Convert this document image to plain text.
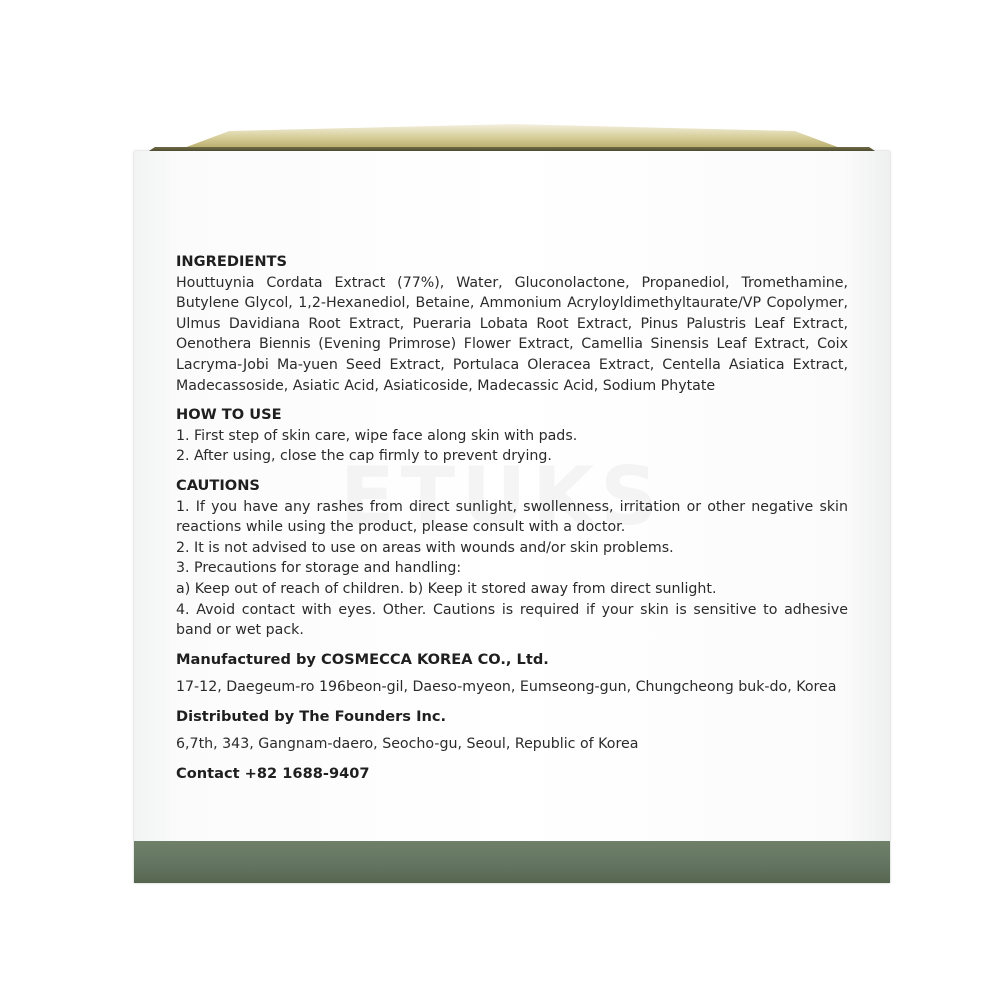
INGREDIENTS

Houttuynia Cordata Extract (77%), Water, Gluconolactone, Propanediol, Tromethamine, Butylene Glycol, 1,2-Hexanediol, Betaine, Ammonium Acryloyldimethyltaurate/VP Copolymer, Ulmus Davidiana Root Extract, Pueraria Lobata Root Extract, Pinus Palustris Leaf Extract, Oenothera Biennis (Evening Primrose) Flower Extract, Camellia Sinensis Leaf Extract, Coix Lacryma-Jobi Ma-yuen Seed Extract, Portulaca Oleracea Extract, Centella Asiatica Extract, Madecassoside, Asiatic Acid, Asiaticoside, Madecassic Acid, Sodium Phytate

HOW TO USE

1. First step of skin care, wipe face along skin with pads.

2. After using, close the cap firmly to prevent drying.

CAUTIONS

1. If you have any rashes from direct sunlight, swollenness, irritation or other negative skin reactions while using the product, please consult with a doctor.

2. It is not advised to use on areas with wounds and/or skin problems.

3. Precautions for storage and handling:

a) Keep out of reach of children. b) Keep it stored away from direct sunlight.

4. Avoid contact with eyes. Other. Cautions is required if your skin is sensitive to adhesive band or wet pack.

Manufactured by COSMECCA KOREA CO., Ltd.

17-12, Daegeum-ro 196beon-gil, Daeso-myeon, Eumseong-gun, Chungcheong buk-do, Korea

Distributed by The Founders Inc.

6,7th, 343, Gangnam-daero, Seocho-gu, Seoul, Republic of Korea

Contact +82 1688-9407
